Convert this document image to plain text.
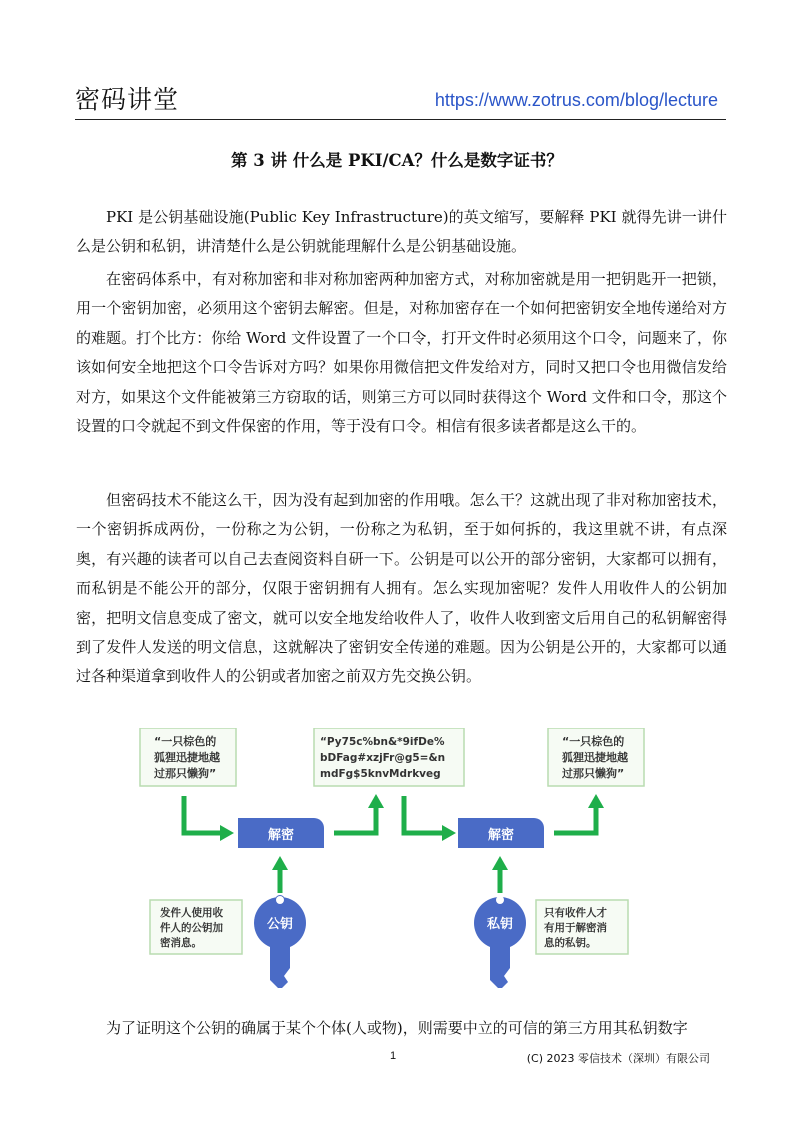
密码讲堂	https://www.zotrus.com/blog/lecture
第 3 讲 什么是 PKI/CA？什么是数字证书？

PKI 是公钥基础设施(Public Key Infrastructure)的英文缩写，要解释 PKI 就得先讲一讲什么是公钥和私钥，讲清楚什么是公钥就能理解什么是公钥基础设施。

在密码体系中，有对称加密和非对称加密两种加密方式，对称加密就是用一把钥匙开一把锁，用一个密钥加密，必须用这个密钥去解密。但是，对称加密存在一个如何把密钥安全地传递给对方的难题。打个比方：你给 Word 文件设置了一个口令，打开文件时必须用这个口令，问题来了，你该如何安全地把这个口令告诉对方吗？如果你用微信把文件发给对方，同时又把口令也用微信发给对方，如果这个文件能被第三方窃取的话，则第三方可以同时获得这个 Word 文件和口令，那这个设置的口令就起不到文件保密的作用，等于没有口令。相信有很多读者都是这么干的。

但密码技术不能这么干，因为没有起到加密的作用哦。怎么干？这就出现了非对称加密技术，一个密钥拆成两份，一份称之为公钥，一份称之为私钥，至于如何拆的，我这里就不讲，有点深奥，有兴趣的读者可以自己去查阅资料自研一下。公钥是可以公开的部分密钥，大家都可以拥有，而私钥是不能公开的部分，仅限于密钥拥有人拥有。怎么实现加密呢？发件人用收件人的公钥加密，把明文信息变成了密文，就可以安全地发给收件人了，收件人收到密文后用自己的私钥解密得到了发件人发送的明文信息，这就解决了密钥安全传递的难题。因为公钥是公开的，大家都可以通过各种渠道拿到收件人的公钥或者加密之前双方先交换公钥。

“一只棕色的
狐狸迅捷地越
过那只懒狗”
“Py75c%bn&*9ifDe%
bDFag#xzjFr@g5=&n
mdFg$5knvMdrkveg
“一只棕色的
狐狸迅捷地越
过那只懒狗”
解密	解密
公钥	私钥
发件人使用收
件人的公钥加
密消息。
只有收件人才
有用于解密消
息的私钥。

为了证明这个公钥的确属于某个个体(人或物)，则需要中立的可信的第三方用其私钥数字

1	(C) 2023 零信技术（深圳）有限公司
